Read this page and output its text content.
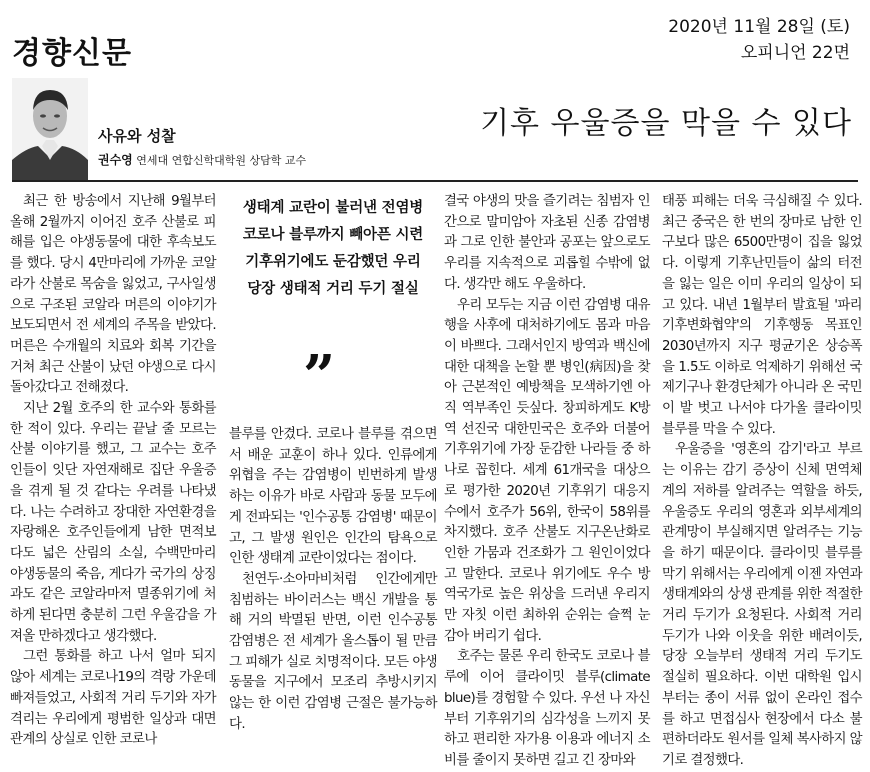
경향신문
2020년 11월 28일 (토)
오피니언 22면
사유와 성찰
권수영 연세대 연합신학대학원 상담학 교수
기후 우울증을 막을 수 있다

최근 한 방송에서 지난해 9월부터 올해 2월까지 이어진 호주 산불로 피해를 입은 야생동물에 대한 후속보도를 했다. 당시 4만마리에 가까운 코알라가 산불로 목숨을 잃었고, 구사일생으로 구조된 코알라 머른의 이야기가 보도되면서 전 세계의 주목을 받았다. 머른은 수개월의 치료와 회복 기간을 거쳐 최근 산불이 났던 야생으로 다시 돌아갔다고 전해졌다.

지난 2월 호주의 한 교수와 통화를 한 적이 있다. 우리는 끝날 줄 모르는 산불 이야기를 했고, 그 교수는 호주인들이 잇단 자연재해로 집단 우울증을 겪게 될 것 같다는 우려를 나타냈다. 나는 수려하고 장대한 자연환경을 자랑해온 호주인들에게 남한 면적보다도 넓은 산림의 소실, 수백만마리 야생동물의 죽음, 게다가 국가의 상징과도 같은 코알라마저 멸종위기에 처하게 된다면 충분히 그런 우울감을 가져올 만하겠다고 생각했다.

그런 통화를 하고 나서 얼마 되지 않아 세계는 코로나19의 격랑 가운데 빠져들었고, 사회적 거리 두기와 자가격리는 우리에게 평범한 일상과 대면 관계의 상실로 인한 코로나

생태계 교란이 불러낸 전염병
코로나 블루까지 빼아픈 시련
기후위기에도 둔감했던 우리
당장 생태적 거리 두기 절실
”

블루를 안겼다. 코로나 블루를 겪으면서 배운 교훈이 하나 있다. 인류에게 위협을 주는 감염병이 빈번하게 발생하는 이유가 바로 사람과 동물 모두에게 전파되는 '인수공통 감염병' 때문이고, 그 발생 원인은 인간의 탐욕으로 인한 생태계 교란이었다는 점이다.

천연두·소아마비처럼 인간에게만 침범하는 바이러스는 백신 개발을 통해 거의 박멸된 반면, 이런 인수공통 감염병은 전 세계가 올스톱이 될 만큼 그 피해가 실로 치명적이다. 모든 야생동물을 지구에서 모조리 추방시키지 않는 한 이런 감염병 근절은 불가능하다.

결국 야생의 맛을 즐기려는 침범자 인간으로 말미암아 자초된 신종 감염병과 그로 인한 불안과 공포는 앞으로도 우리를 지속적으로 괴롭힐 수밖에 없다. 생각만 해도 우울하다.

우리 모두는 지금 이런 감염병 대유행을 사후에 대처하기에도 몸과 마음이 바쁘다. 그래서인지 방역과 백신에 대한 대책을 논할 뿐 병인(病因)을 찾아 근본적인 예방책을 모색하기엔 아직 역부족인 듯싶다. 창피하게도 K방역 선진국 대한민국은 호주와 더불어 기후위기에 가장 둔감한 나라들 중 하나로 꼽힌다. 세계 61개국을 대상으로 평가한 2020년 기후위기 대응지수에서 호주가 56위, 한국이 58위를 차지했다. 호주 산불도 지구온난화로 인한 가뭄과 건조화가 그 원인이었다고 말한다. 코로나 위기에도 우수 방역국가로 높은 위상을 드러낸 우리지만 자칫 이런 최하위 순위는 슬쩍 눈감아 버리기 쉽다.

호주는 물론 우리 한국도 코로나 블루에 이어 클라이밋 블루(climate blue)를 경험할 수 있다. 우선 나 자신부터 기후위기의 심각성을 느끼지 못하고 편리한 자가용 이용과 에너지 소비를 줄이지 못하면 길고 긴 장마와

태풍 피해는 더욱 극심해질 수 있다. 최근 중국은 한 번의 장마로 남한 인구보다 많은 6500만명이 집을 잃었다. 이렇게 기후난민들이 삶의 터전을 잃는 일은 이미 우리의 일상이 되고 있다. 내년 1월부터 발효될 '파리기후변화협약'의 기후행동 목표인 2030년까지 지구 평균기온 상승폭을 1.5도 이하로 억제하기 위해선 국제기구나 환경단체가 아니라 온 국민이 발 벗고 나서야 다가올 클라이밋 블루를 막을 수 있다.

우울증을 '영혼의 감기'라고 부르는 이유는 감기 증상이 신체 면역체계의 저하를 알려주는 역할을 하듯, 우울증도 우리의 영혼과 외부세계의 관계망이 부실해지면 알려주는 기능을 하기 때문이다. 클라이밋 블루를 막기 위해서는 우리에게 이젠 자연과 생태계와의 상생 관계를 위한 적절한 거리 두기가 요청된다. 사회적 거리 두기가 나와 이웃을 위한 배려이듯, 당장 오늘부터 생태적 거리 두기도 절실히 필요하다. 이번 대학원 입시부터는 종이 서류 없이 온라인 접수를 하고 면접심사 현장에서 다소 불편하더라도 원서를 일체 복사하지 않기로 결정했다.
